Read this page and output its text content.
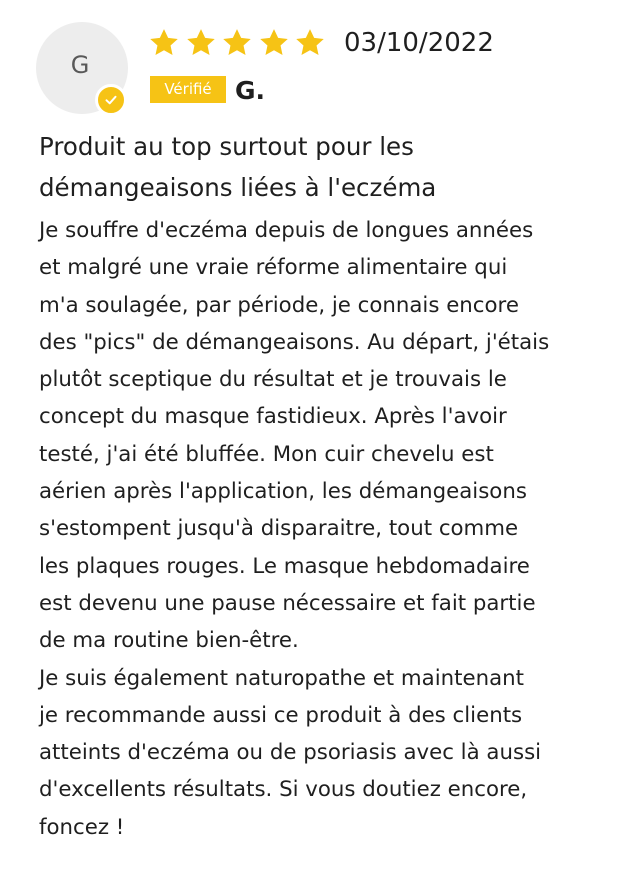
G
03/10/2022
Vérifié G.
Produit au top surtout pour les
démangeaisons liées à l'eczéma

Je souffre d'eczéma depuis de longues années
et malgré une vraie réforme alimentaire qui
m'a soulagée, par période, je connais encore
des "pics" de démangeaisons. Au départ, j'étais
plutôt sceptique du résultat et je trouvais le
concept du masque fastidieux. Après l'avoir
testé, j'ai été bluffée. Mon cuir chevelu est
aérien après l'application, les démangeaisons
s'estompent jusqu'à disparaitre, tout comme
les plaques rouges. Le masque hebdomadaire
est devenu une pause nécessaire et fait partie
de ma routine bien-être.

Je suis également naturopathe et maintenant
je recommande aussi ce produit à des clients
atteints d'eczéma ou de psoriasis avec là aussi
d'excellents résultats. Si vous doutiez encore,
foncez !
